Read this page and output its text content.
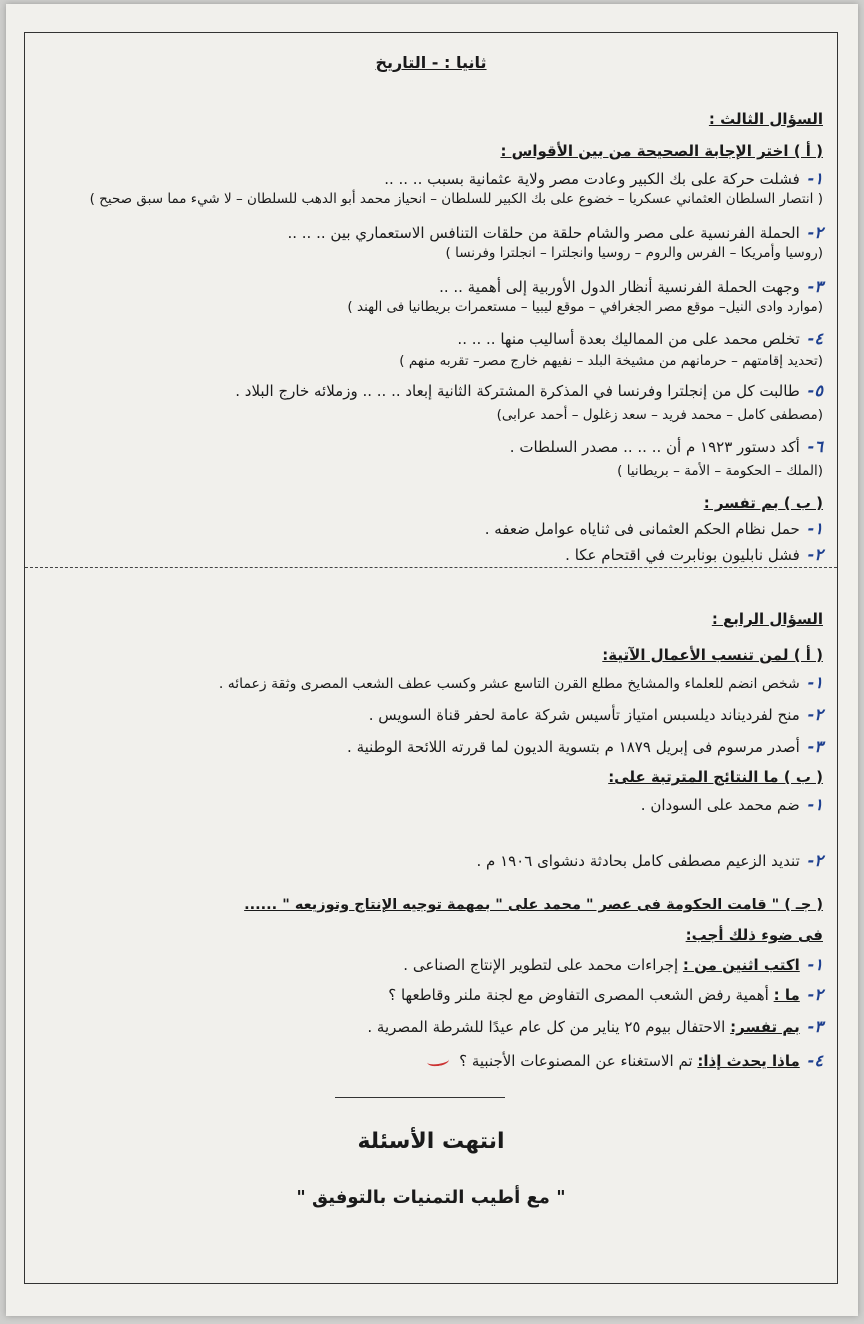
ثانيا : - التاريخ
السؤال الثالث :
( أ ) اختر الإجابة الصحيحة من بين الأقواس :
١-فشلت حركة على بك الكبير وعادت مصر ولاية عثمانية بسبب .. .. ..
( انتصار السلطان العثماني عسكريا – خضوع على بك الكبير للسلطان – انحياز محمد أبو الدهب للسلطان – لا شيء مما سبق صحيح )
٢-الحملة الفرنسية على مصر والشام حلقة من حلقات التنافس الاستعماري بين .. .. ..
(روسيا وأمريكا – الفرس والروم – روسيا وانجلترا – انجلترا وفرنسا )
٣-وجهت الحملة الفرنسية أنظار الدول الأوربية إلى أهمية .. ..
(موارد وادى النيل– موقع مصر الجغرافي – موقع ليبيا – مستعمرات بريطانيا فى الهند )
٤-تخلص محمد على من المماليك بعدة أساليب منها .. .. ..
(تحديد إقامتهم – حرمانهم من مشيخة البلد – نفيهم خارج مصر– تقربه منهم )
٥-طالبت كل من إنجلترا وفرنسا في المذكرة المشتركة الثانية إبعاد .. .. .. وزملائه خارج البلاد .
(مصطفى كامل – محمد فريد – سعد زغلول – أحمد عرابى)
٦-أكد دستور ١٩٢٣ م أن .. .. .. مصدر السلطات .
(الملك – الحكومة – الأمة – بريطانيا )
( ب ) بم تفسر :
١-حمل نظام الحكم العثمانى فى ثناياه عوامل ضعفه .
٢-فشل نابليون بونابرت في اقتحام عكا .
السؤال الرابع :
( أ ) لمن تنسب الأعمال الآتية:
١-شخص انضم للعلماء والمشايخ مطلع القرن التاسع عشر وكسب عطف الشعب المصرى وثقة زعمائه .
٢-منح لفرديناند ديلسبس امتياز تأسيس شركة عامة لحفر قناة السويس .
٣-أصدر مرسوم فى إبريل ١٨٧٩ م بتسوية الديون لما قررته اللائحة الوطنية .
( ب ) ما النتائج المترتبة على:
١-ضم محمد على السودان .
٢-تنديد الزعيم مصطفى كامل بحادثة دنشواى ١٩٠٦ م .
( جـ ) " قامت الحكومة فى عصر " محمد على " بمهمة توجيه الإنتاج وتوزيعه " ......
فى ضوء ذلك أجب:
١-اكتب اثنين من : إجراءات محمد على لتطوير الإنتاج الصناعى .
٢-ما : أهمية رفض الشعب المصرى التفاوض مع لجنة ملنر وقاطعها ؟
٣-بم تفسر: الاحتفال بيوم ٢٥ يناير من كل عام عيدًا للشرطة المصرية .
٤-ماذا يحدث إذا: تم الاستغناء عن المصنوعات الأجنبية ؟
انتهت الأسئلة
" مع أطيب التمنيات بالتوفيق "
